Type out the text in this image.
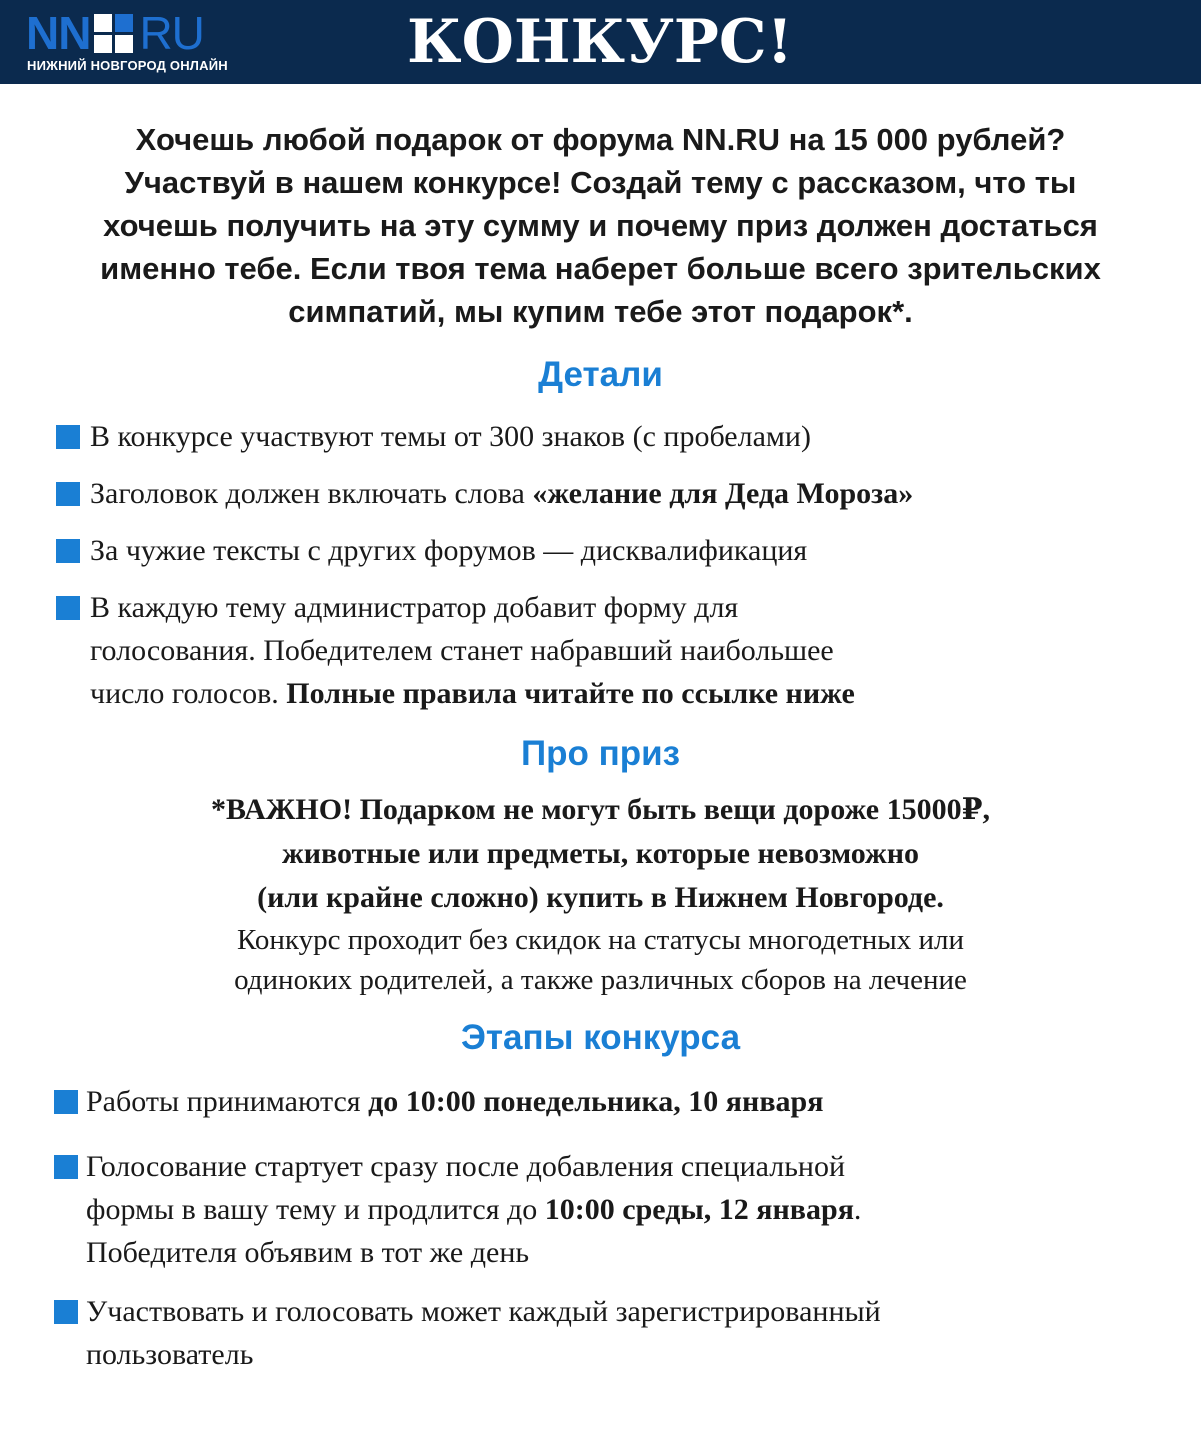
NN RU
НИЖНИЙ НОВГОРОД ОНЛАЙН	КОНКУРС!
Хочешь любой подарок от форума NN.RU на 15 000 рублей?
Участвуй в нашем конкурсе! Создай тему с рассказом, что ты
хочешь получить на эту сумму и почему приз должен достаться
именно тебе. Если твоя тема наберет больше всего зрительских
симпатий, мы купим тебе этот подарок*.
Детали
В конкурсе участвуют темы от 300 знаков (с пробелами)
Заголовок должен включать слова «желание для Деда Мороза»
За чужие тексты с других форумов — дисквалификация
В каждую тему администратор добавит форму для
голосования. Победителем станет набравший наибольшее
число голосов. Полные правила читайте по ссылке ниже
Про приз
*ВАЖНО! Подарком не могут быть вещи дороже 15000₽,
животные или предметы, которые невозможно
(или крайне сложно) купить в Нижнем Новгороде.
Конкурс проходит без скидок на статусы многодетных или
одиноких родителей, а также различных сборов на лечение
Этапы конкурса
Работы принимаются до 10:00 понедельника, 10 января
Голосование стартует сразу после добавления специальной
формы в вашу тему и продлится до 10:00 среды, 12 января.
Победителя объявим в тот же день
Участвовать и голосовать может каждый зарегистрированный
пользователь
